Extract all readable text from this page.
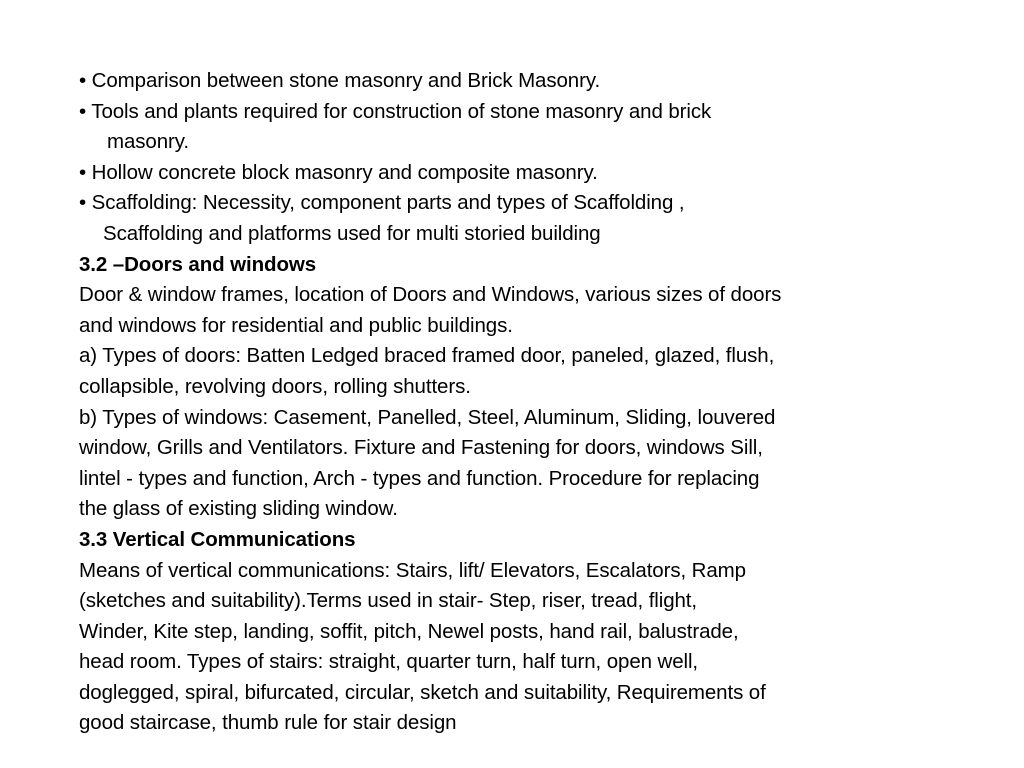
• Comparison between stone masonry and Brick Masonry.
• Tools and plants required for construction of stone masonry and brick
masonry.
• Hollow concrete block masonry and composite masonry.
• Scaffolding: Necessity, component parts and types of Scaffolding ,
Scaffolding and platforms used for multi storied building
3.2 –Doors and windows
Door & window frames, location of Doors and Windows, various sizes of doors
and windows for residential and public buildings.
a) Types of doors: Batten Ledged braced framed door, paneled, glazed, flush,
collapsible, revolving doors, rolling shutters.
b) Types of windows: Casement, Panelled, Steel, Aluminum, Sliding, louvered
window, Grills and Ventilators. Fixture and Fastening for doors, windows Sill,
lintel - types and function, Arch - types and function. Procedure for replacing
the glass of existing sliding window.
3.3 Vertical Communications
Means of vertical communications: Stairs, lift/ Elevators, Escalators, Ramp
(sketches and suitability).Terms used in stair- Step, riser, tread, flight,
Winder, Kite step, landing, soffit, pitch, Newel posts, hand rail, balustrade,
head room. Types of stairs: straight, quarter turn, half turn, open well,
doglegged, spiral, bifurcated, circular, sketch and suitability, Requirements of
good staircase, thumb rule for stair design
